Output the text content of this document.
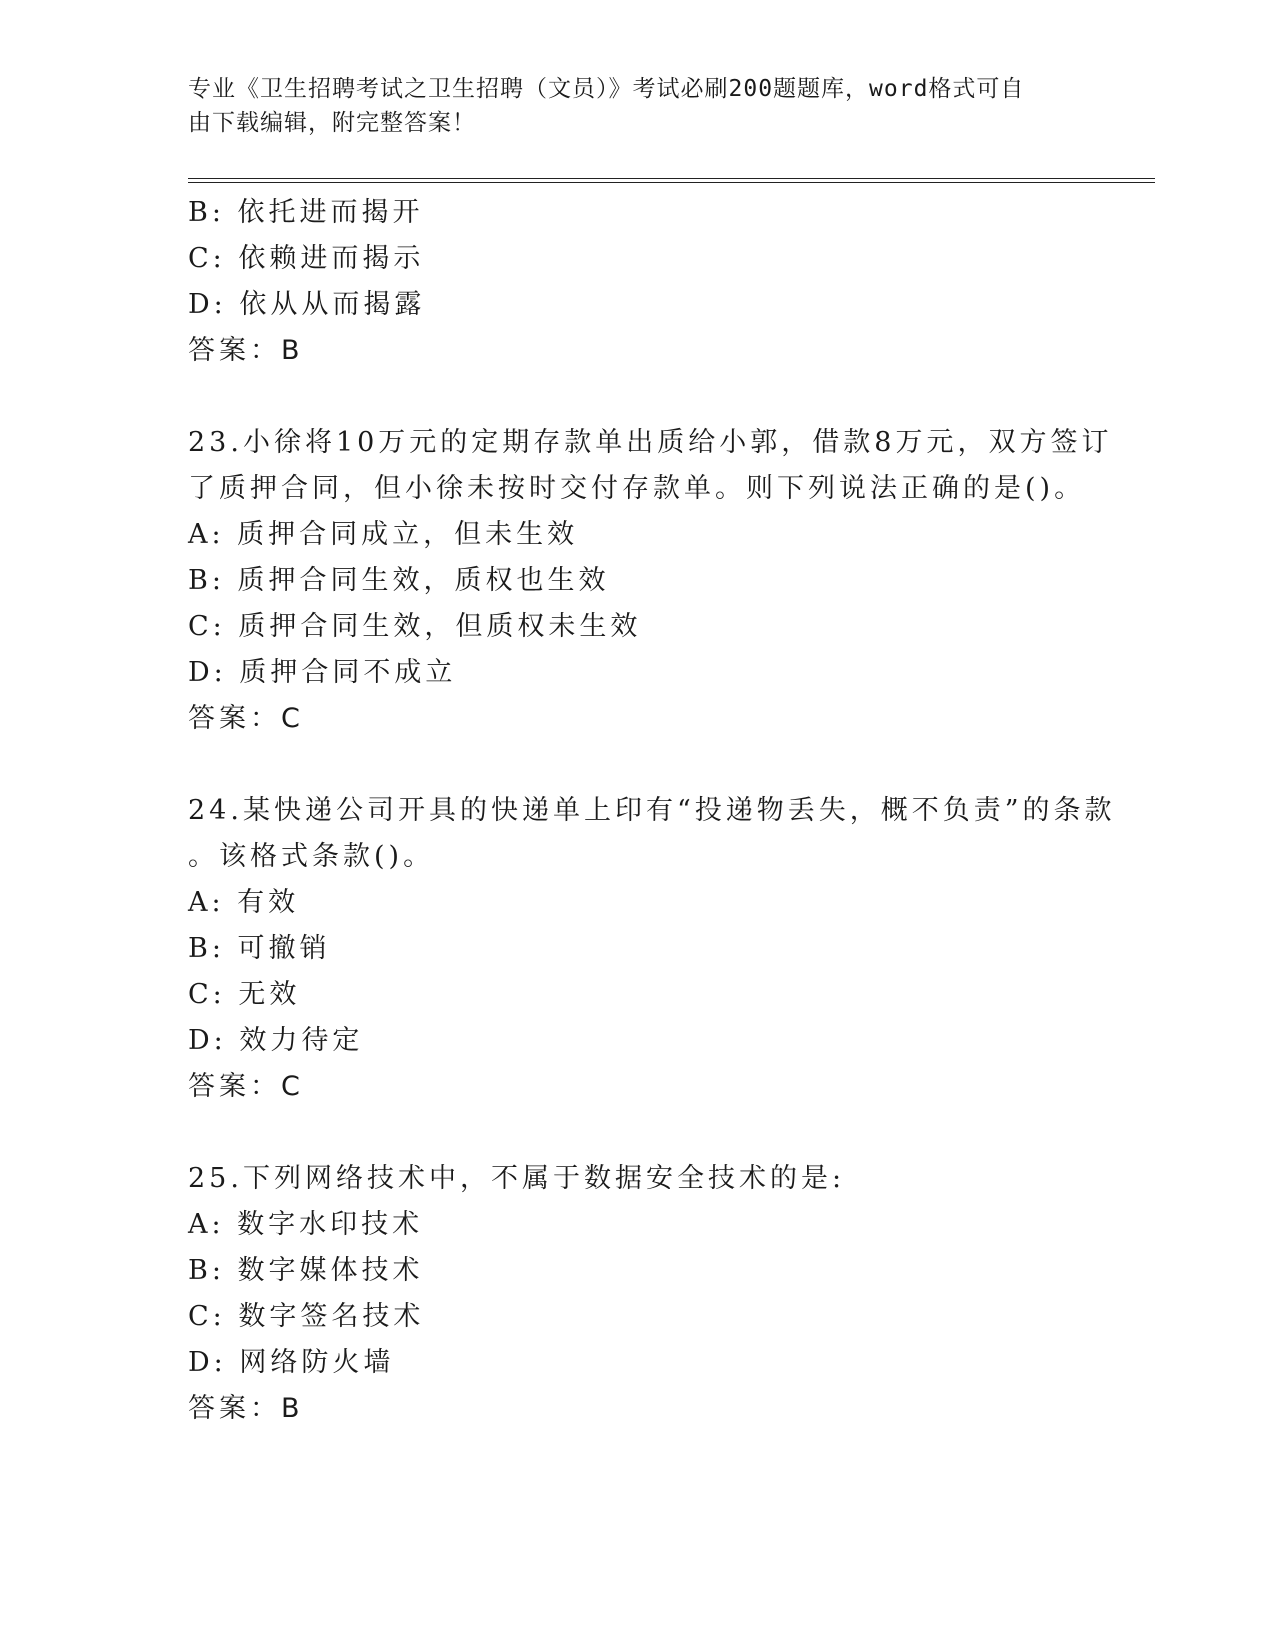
专业《卫生招聘考试之卫生招聘（文员）》考试必刷200题题库，word格式可自
由下载编辑，附完整答案！
B: 依托进而揭开
C: 依赖进而揭示
D: 依从从而揭露
答案：B
23.小徐将10万元的定期存款单出质给小郭，借款8万元，双方签订
了质押合同，但小徐未按时交付存款单。则下列说法正确的是()。
A: 质押合同成立，但未生效
B: 质押合同生效，质权也生效
C: 质押合同生效，但质权未生效
D: 质押合同不成立
答案：C
24.某快递公司开具的快递单上印有“投递物丢失，概不负责”的条款
。该格式条款()。
A: 有效
B: 可撤销
C: 无效
D: 效力待定
答案：C
25.下列网络技术中，不属于数据安全技术的是:
A: 数字水印技术
B: 数字媒体技术
C: 数字签名技术
D: 网络防火墙
答案：B
